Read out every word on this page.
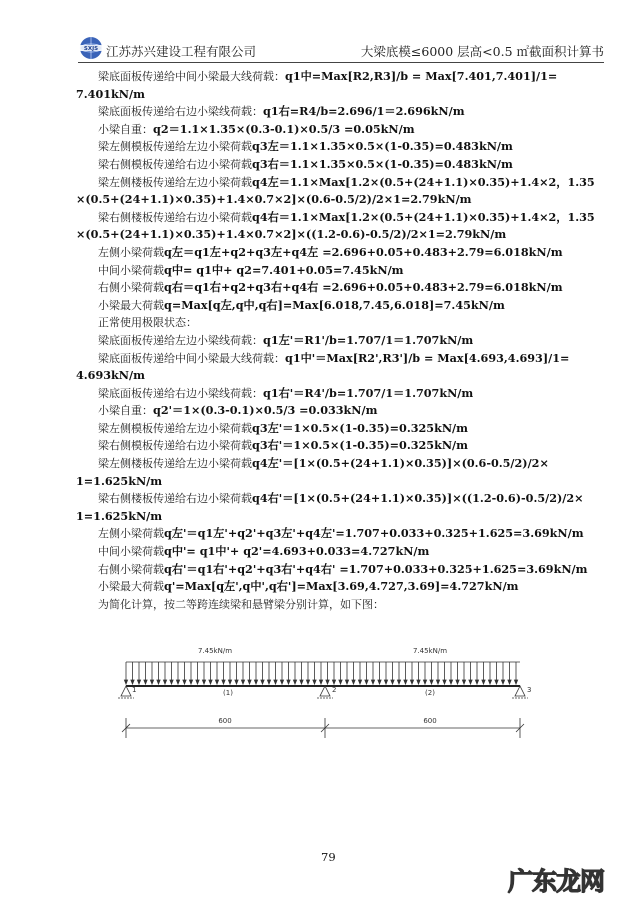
SXJS 江苏苏兴建设工程有限公司	大梁底模≤6000 层高<0.5 ㎡截面积计算书
梁底面板传递给中间小梁最大线荷载：q1中=Max[R2,R3]/b = Max[7.401,7.401]/1=
7.401kN/m
梁底面板传递给右边小梁线荷载：q1右=R4/b=2.696/1＝2.696kN/m
小梁自重：q2＝1.1×1.35×(0.3-0.1)×0.5/3 =0.05kN/m
梁左侧模板传递给左边小梁荷载q3左＝1.1×1.35×0.5×(1-0.35)=0.483kN/m
梁右侧模板传递给右边小梁荷载q3右＝1.1×1.35×0.5×(1-0.35)=0.483kN/m
梁左侧楼板传递给左边小梁荷载q4左＝1.1×Max[1.2×(0.5+(24+1.1)×0.35)+1.4×2，1.35
×(0.5+(24+1.1)×0.35)+1.4×0.7×2]×(0.6-0.5/2)/2×1=2.79kN/m
梁右侧楼板传递给右边小梁荷载q4右＝1.1×Max[1.2×(0.5+(24+1.1)×0.35)+1.4×2，1.35
×(0.5+(24+1.1)×0.35)+1.4×0.7×2]×((1.2-0.6)-0.5/2)/2×1=2.79kN/m
左侧小梁荷载q左＝q1左+q2+q3左+q4左 =2.696+0.05+0.483+2.79=6.018kN/m
中间小梁荷载q中= q1中+ q2=7.401+0.05=7.45kN/m
右侧小梁荷载q右＝q1右+q2+q3右+q4右 =2.696+0.05+0.483+2.79=6.018kN/m
小梁最大荷载q=Max[q左,q中,q右]=Max[6.018,7.45,6.018]=7.45kN/m
正常使用极限状态：
梁底面板传递给左边小梁线荷载：q1左'＝R1'/b=1.707/1＝1.707kN/m
梁底面板传递给中间小梁最大线荷载：q1中'＝Max[R2',R3']/b = Max[4.693,4.693]/1=
4.693kN/m
梁底面板传递给右边小梁线荷载：q1右'＝R4'/b=1.707/1＝1.707kN/m
小梁自重：q2'＝1×(0.3-0.1)×0.5/3 =0.033kN/m
梁左侧模板传递给左边小梁荷载q3左'＝1×0.5×(1-0.35)=0.325kN/m
梁右侧模板传递给右边小梁荷载q3右'＝1×0.5×(1-0.35)=0.325kN/m
梁左侧楼板传递给左边小梁荷载q4左'＝[1×(0.5+(24+1.1)×0.35)]×(0.6-0.5/2)/2×
1=1.625kN/m
梁右侧楼板传递给右边小梁荷载q4右'＝[1×(0.5+(24+1.1)×0.35)]×((1.2-0.6)-0.5/2)/2×
1=1.625kN/m
左侧小梁荷载q左'＝q1左'+q2'+q3左'+q4左'=1.707+0.033+0.325+1.625=3.69kN/m
中间小梁荷载q中'= q1中'+ q2'=4.693+0.033=4.727kN/m
右侧小梁荷载q右'＝q1右'+q2'+q3右'+q4右' =1.707+0.033+0.325+1.625=3.69kN/m
小梁最大荷载q'=Max[q左',q中',q右']=Max[3.69,4.727,3.69]=4.727kN/m
为简化计算，按二等跨连续梁和悬臂梁分别计算，如下图：
7.45kN/m	7.45kN/m
1	2	3
(1)	(2)
600	600
79
广东龙网
